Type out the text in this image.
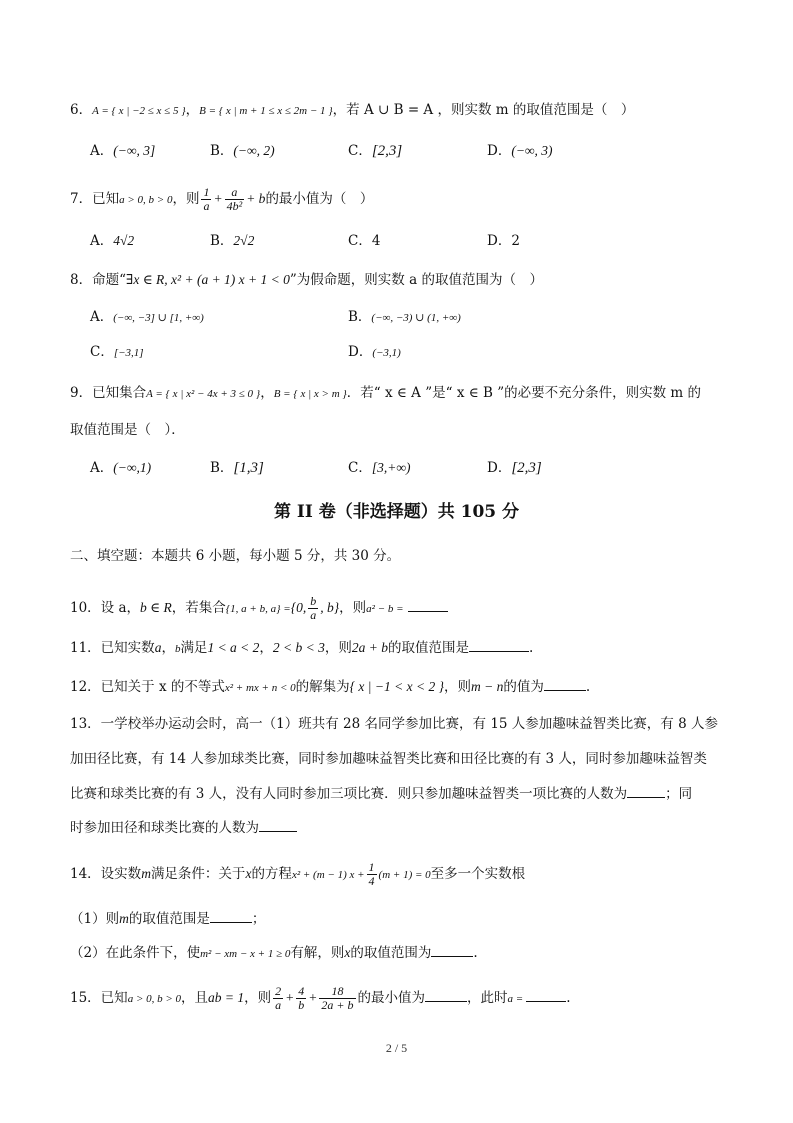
6．A = { x | −2 ≤ x ≤ 5 }，B = { x | m + 1 ≤ x ≤ 2m − 1 }，若 A ∪ B = A ，则实数 m 的取值范围是（　）
A．(−∞, 3]	B．(−∞, 2)	C．[2,3]	D．(−∞, 3)
7．已知a > 0, b > 0，则 $\frac{1}{a} + \frac{a}{\text{4b²}} + b$的最小值为（　）
A．4√2	B．2√2	C．4	D．2
8．命题“∃x ∈ R, x² + (a + 1) x + 1 < 0”为假命题，则实数 a 的取值范围为（　）
A．(−∞, −3] ∪ [1, +∞)	B．(−∞, −3) ∪ (1, +∞)
C．[−3,1]	D．(−3,1)
9．已知集合A = { x | x² − 4x + 3 ≤ 0 }，B = { x | x > m }．若“ x ∈ A ”是“ x ∈ B ”的必要不充分条件，则实数 m 的
取值范围是（　）．
A．(−∞,1)	B．[1,3]	C．[3,+∞)	D．[2,3]
第 II 卷（非选择题）共 105 分
二、填空题：本题共 6 小题，每小题 5 分，共 30 分。
10．设 a，b ∈ R，若集合{1, a + b, a} ={0, $\frac{b}{a}$ , b}，则a² − b =
11．已知实数a，b满足1 < a < 2，2 < b < 3，则2a + b的取值范围是	.
12．已知关于 x 的不等式x² + mx + n < 0的解集为{ x | −1 < x < 2 }，则m − n的值为	.
13．一学校举办运动会时，高一（1）班共有 28 名同学参加比赛，有 15 人参加趣味益智类比赛，有 8 人参
加田径比赛，有 14 人参加球类比赛，同时参加趣味益智类比赛和田径比赛的有 3 人，同时参加趣味益智类
比赛和球类比赛的有 3 人，没有人同时参加三项比赛．则只参加趣味益智类一项比赛的人数为	；同
时参加田径和球类比赛的人数为
14．设实数m满足条件：关于x的方程x² + (m − 1) $x + \frac{1}{4} (m + 1) = 0$至多一个实数根
（1）则m的取值范围是	；
（2）在此条件下，使m² − xm − x + 1 ≥ 0有解，则x的取值范围为	.
15．已知a > 0, b > 0，且ab = 1，则 $\frac{2}{a} + \frac{4}{b} + \frac{18}{2a + b}$ 的最小值为	，此时a =	.
2 / 5
